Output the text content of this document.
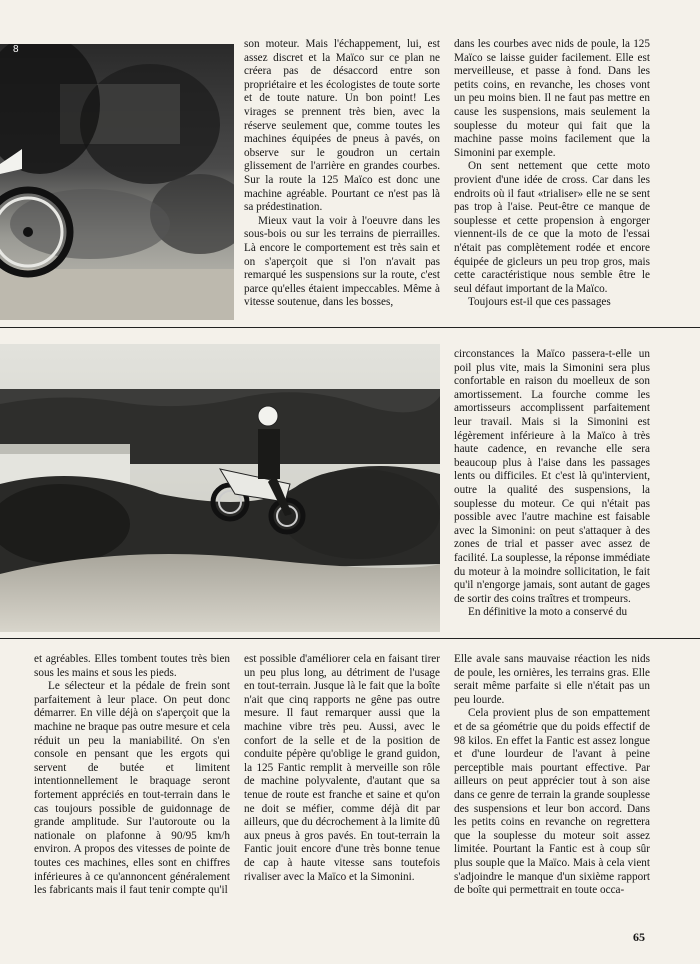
8	son moteur. Mais l'échappement, lui, est assez discret et la Maïco sur ce plan ne créera pas de désaccord entre son propriétaire et les écologistes de toute sorte et de toute nature. Un bon point! Les virages se prennent très bien, avec la réserve seulement que, comme toutes les machines équipées de pneus à pavés, on observe sur le goudron un certain glissement de l'arrière en grandes courbes. Sur la route la 125 Maïco est donc une machine agréable. Pourtant ce n'est pas là sa prédestination.

Mieux vaut la voir à l'oeuvre dans les sous-bois ou sur les terrains de pierrailles. Là encore le comportement est très sain et on s'aperçoit que si l'on n'avait pas remarqué les suspensions sur la route, c'est parce qu'elles étaient impeccables. Même à vitesse soutenue, dans les bosses,

dans les courbes avec nids de poule, la 125 Maïco se laisse guider facilement. Elle est merveilleuse, et passe à fond. Dans les petits coins, en revanche, les choses vont un peu moins bien. Il ne faut pas mettre en cause les suspensions, mais seulement la souplesse du moteur qui fait que la machine passe moins facilement que la Simonini par exemple.

On sent nettement que cette moto provient d'une idée de cross. Car dans les endroits où il faut «trialiser» elle ne se sent pas trop à l'aise. Peut-être ce manque de souplesse et cette propension à engorger viennent-ils de ce que la moto de l'essai n'était pas complètement rodée et encore équipée de gicleurs un peu trop gros, mais cette caractéristique nous semble être le seul défaut important de la Maïco.

Toujours est-il que ces passages

circonstances la Maïco passera-t-elle un poil plus vite, mais la Simonini sera plus confortable en raison du moelleux de son amortissement. La fourche comme les amortisseurs accomplissent parfaitement leur travail. Mais si la Simonini est légèrement inférieure à la Maïco à très haute cadence, en revanche elle sera beaucoup plus à l'aise dans les passages lents ou difficiles. Et c'est là qu'intervient, outre la qualité des suspensions, la souplesse du moteur. Ce qui n'était pas possible avec l'autre machine est faisable avec la Simonini: on peut s'attaquer à des zones de trial et passer avec assez de facilité. La souplesse, la réponse immédiate du moteur à la moindre sollicitation, le fait qu'il n'engorge jamais, sont autant de gages de sortir des coins traîtres et trompeurs.

En définitive la moto a conservé du

et agréables. Elles tombent toutes très bien sous les mains et sous les pieds.

Le sélecteur et la pédale de frein sont parfaitement à leur place. On peut donc démarrer. En ville déjà on s'aperçoit que la machine ne braque pas outre mesure et cela réduit un peu la maniabilité. On s'en console en pensant que les ergots qui servent de butée et limitent intentionnellement le braquage seront fortement appréciés en tout-terrain dans le cas toujours possible de guidonnage de grande amplitude. Sur l'autoroute ou la nationale on plafonne à 90/95 km/h environ. A propos des vitesses de pointe de toutes ces machines, elles sont en chiffres inférieures à ce qu'annoncent généralement les fabricants mais il faut tenir compte qu'il

est possible d'améliorer cela en faisant tirer un peu plus long, au détriment de l'usage en tout-terrain. Jusque là le fait que la boîte n'ait que cinq rapports ne gêne pas outre mesure. Il faut remarquer aussi que la machine vibre très peu. Aussi, avec le confort de la selle et de la position de conduite pépère qu'oblige le grand guidon, la 125 Fantic remplit à merveille son rôle de machine polyvalente, d'autant que sa tenue de route est franche et saine et qu'on ne doit se méfier, comme déjà dit par ailleurs, que du décrochement à la limite dû aux pneus à gros pavés. En tout-terrain la Fantic jouit encore d'une très bonne tenue de cap à haute vitesse sans toutefois rivaliser avec la Maïco et la Simonini.

Elle avale sans mauvaise réaction les nids de poule, les ornières, les terrains gras. Elle serait même parfaite si elle n'était pas un peu lourde.

Cela provient plus de son empattement et de sa géométrie que du poids effectif de 98 kilos. En effet la Fantic est assez longue et d'une lourdeur de l'avant à peine perceptible mais pourtant effective. Par ailleurs on peut apprécier tout à son aise dans ce genre de terrain la grande souplesse des suspensions et leur bon accord. Dans les petits coins en revanche on regrettera que la souplesse du moteur soit assez limitée. Pourtant la Fantic est à coup sûr plus souple que la Maïco. Mais à cela vient s'adjoindre le manque d'un sixième rapport de boîte qui permettrait en toute occa-

65
